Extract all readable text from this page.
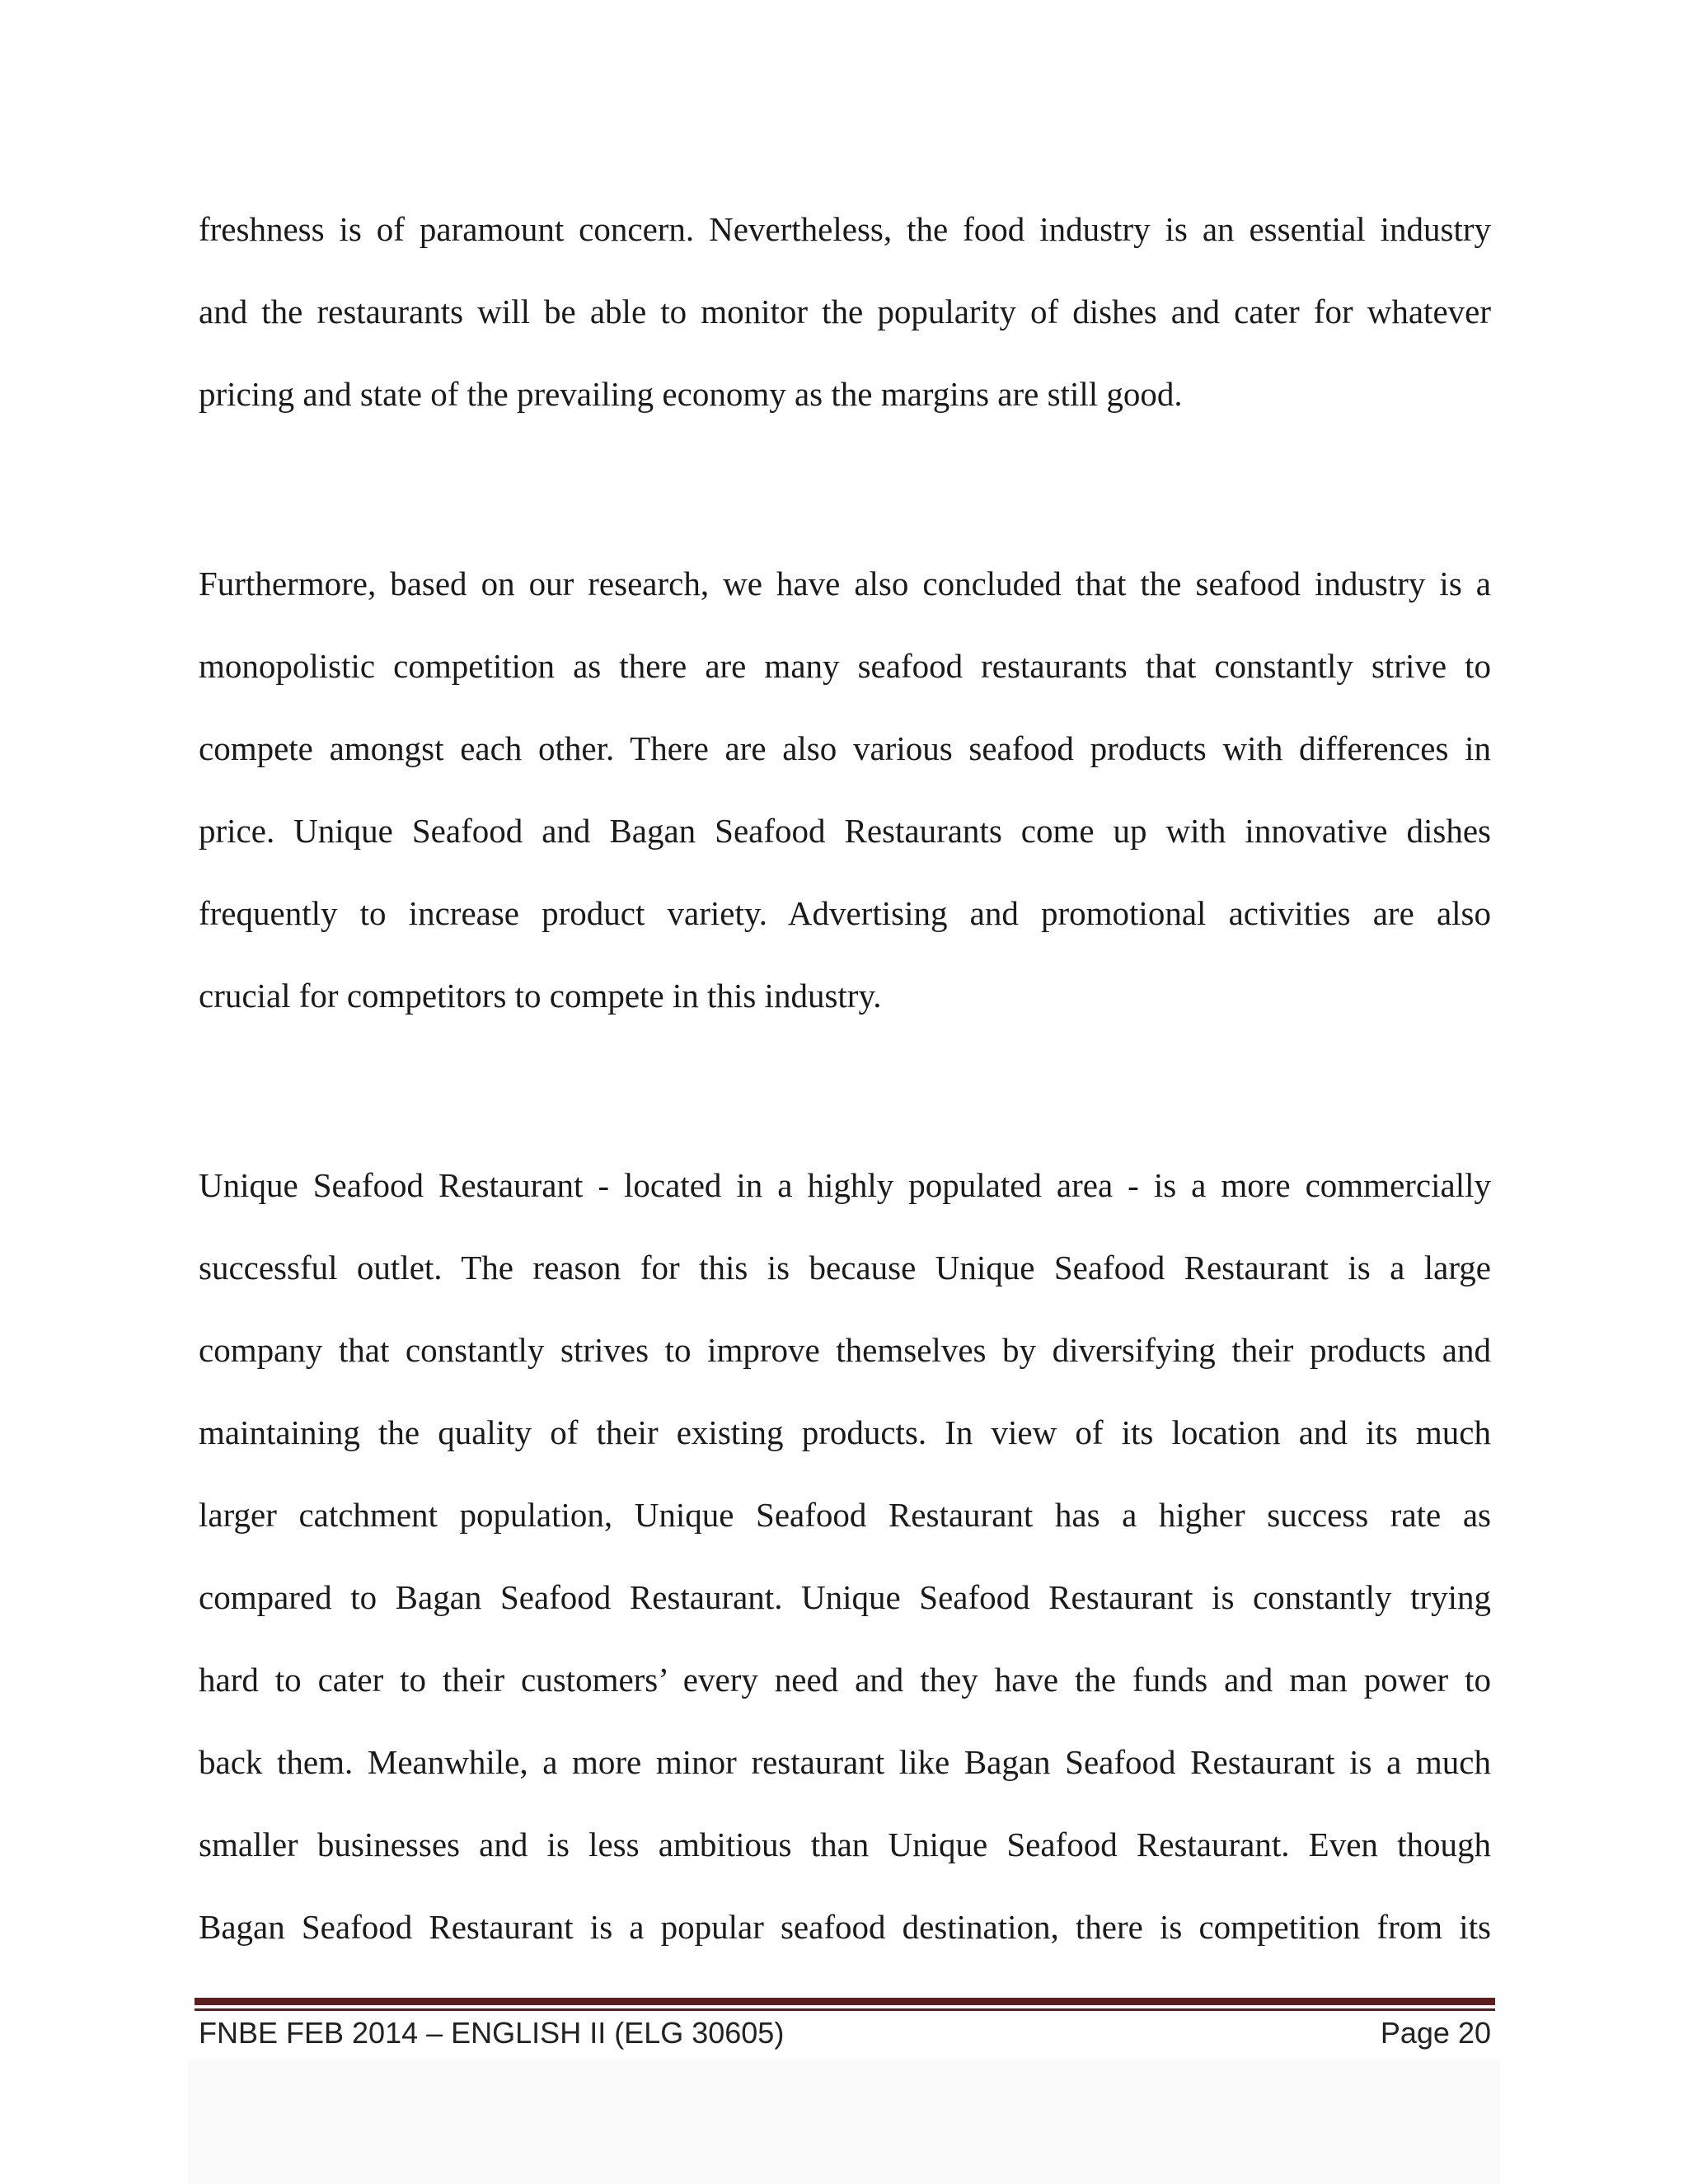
freshness is of paramount concern. Nevertheless, the food industry is an essential industry
and the restaurants will be able to monitor the popularity of dishes and cater for whatever
pricing and state of the prevailing economy as the margins are still good.

Furthermore, based on our research, we have also concluded that the seafood industry is a
monopolistic competition as there are many seafood restaurants that constantly strive to
compete amongst each other. There are also various seafood products with differences in
price. Unique Seafood and Bagan Seafood Restaurants come up with innovative dishes
frequently to increase product variety. Advertising and promotional activities are also
crucial for competitors to compete in this industry.

Unique Seafood Restaurant - located in a highly populated area - is a more commercially
successful outlet. The reason for this is because Unique Seafood Restaurant is a large
company that constantly strives to improve themselves by diversifying their products and
maintaining the quality of their existing products. In view of its location and its much
larger catchment population, Unique Seafood Restaurant has a higher success rate as
compared to Bagan Seafood Restaurant. Unique Seafood Restaurant is constantly trying
hard to cater to their customers’ every need and they have the funds and man power to
back them. Meanwhile, a more minor restaurant like Bagan Seafood Restaurant is a much
smaller businesses and is less ambitious than Unique Seafood Restaurant. Even though
Bagan Seafood Restaurant is a popular seafood destination, there is competition from its

FNBE FEB 2014 – ENGLISH II (ELG 30605)	Page 20
